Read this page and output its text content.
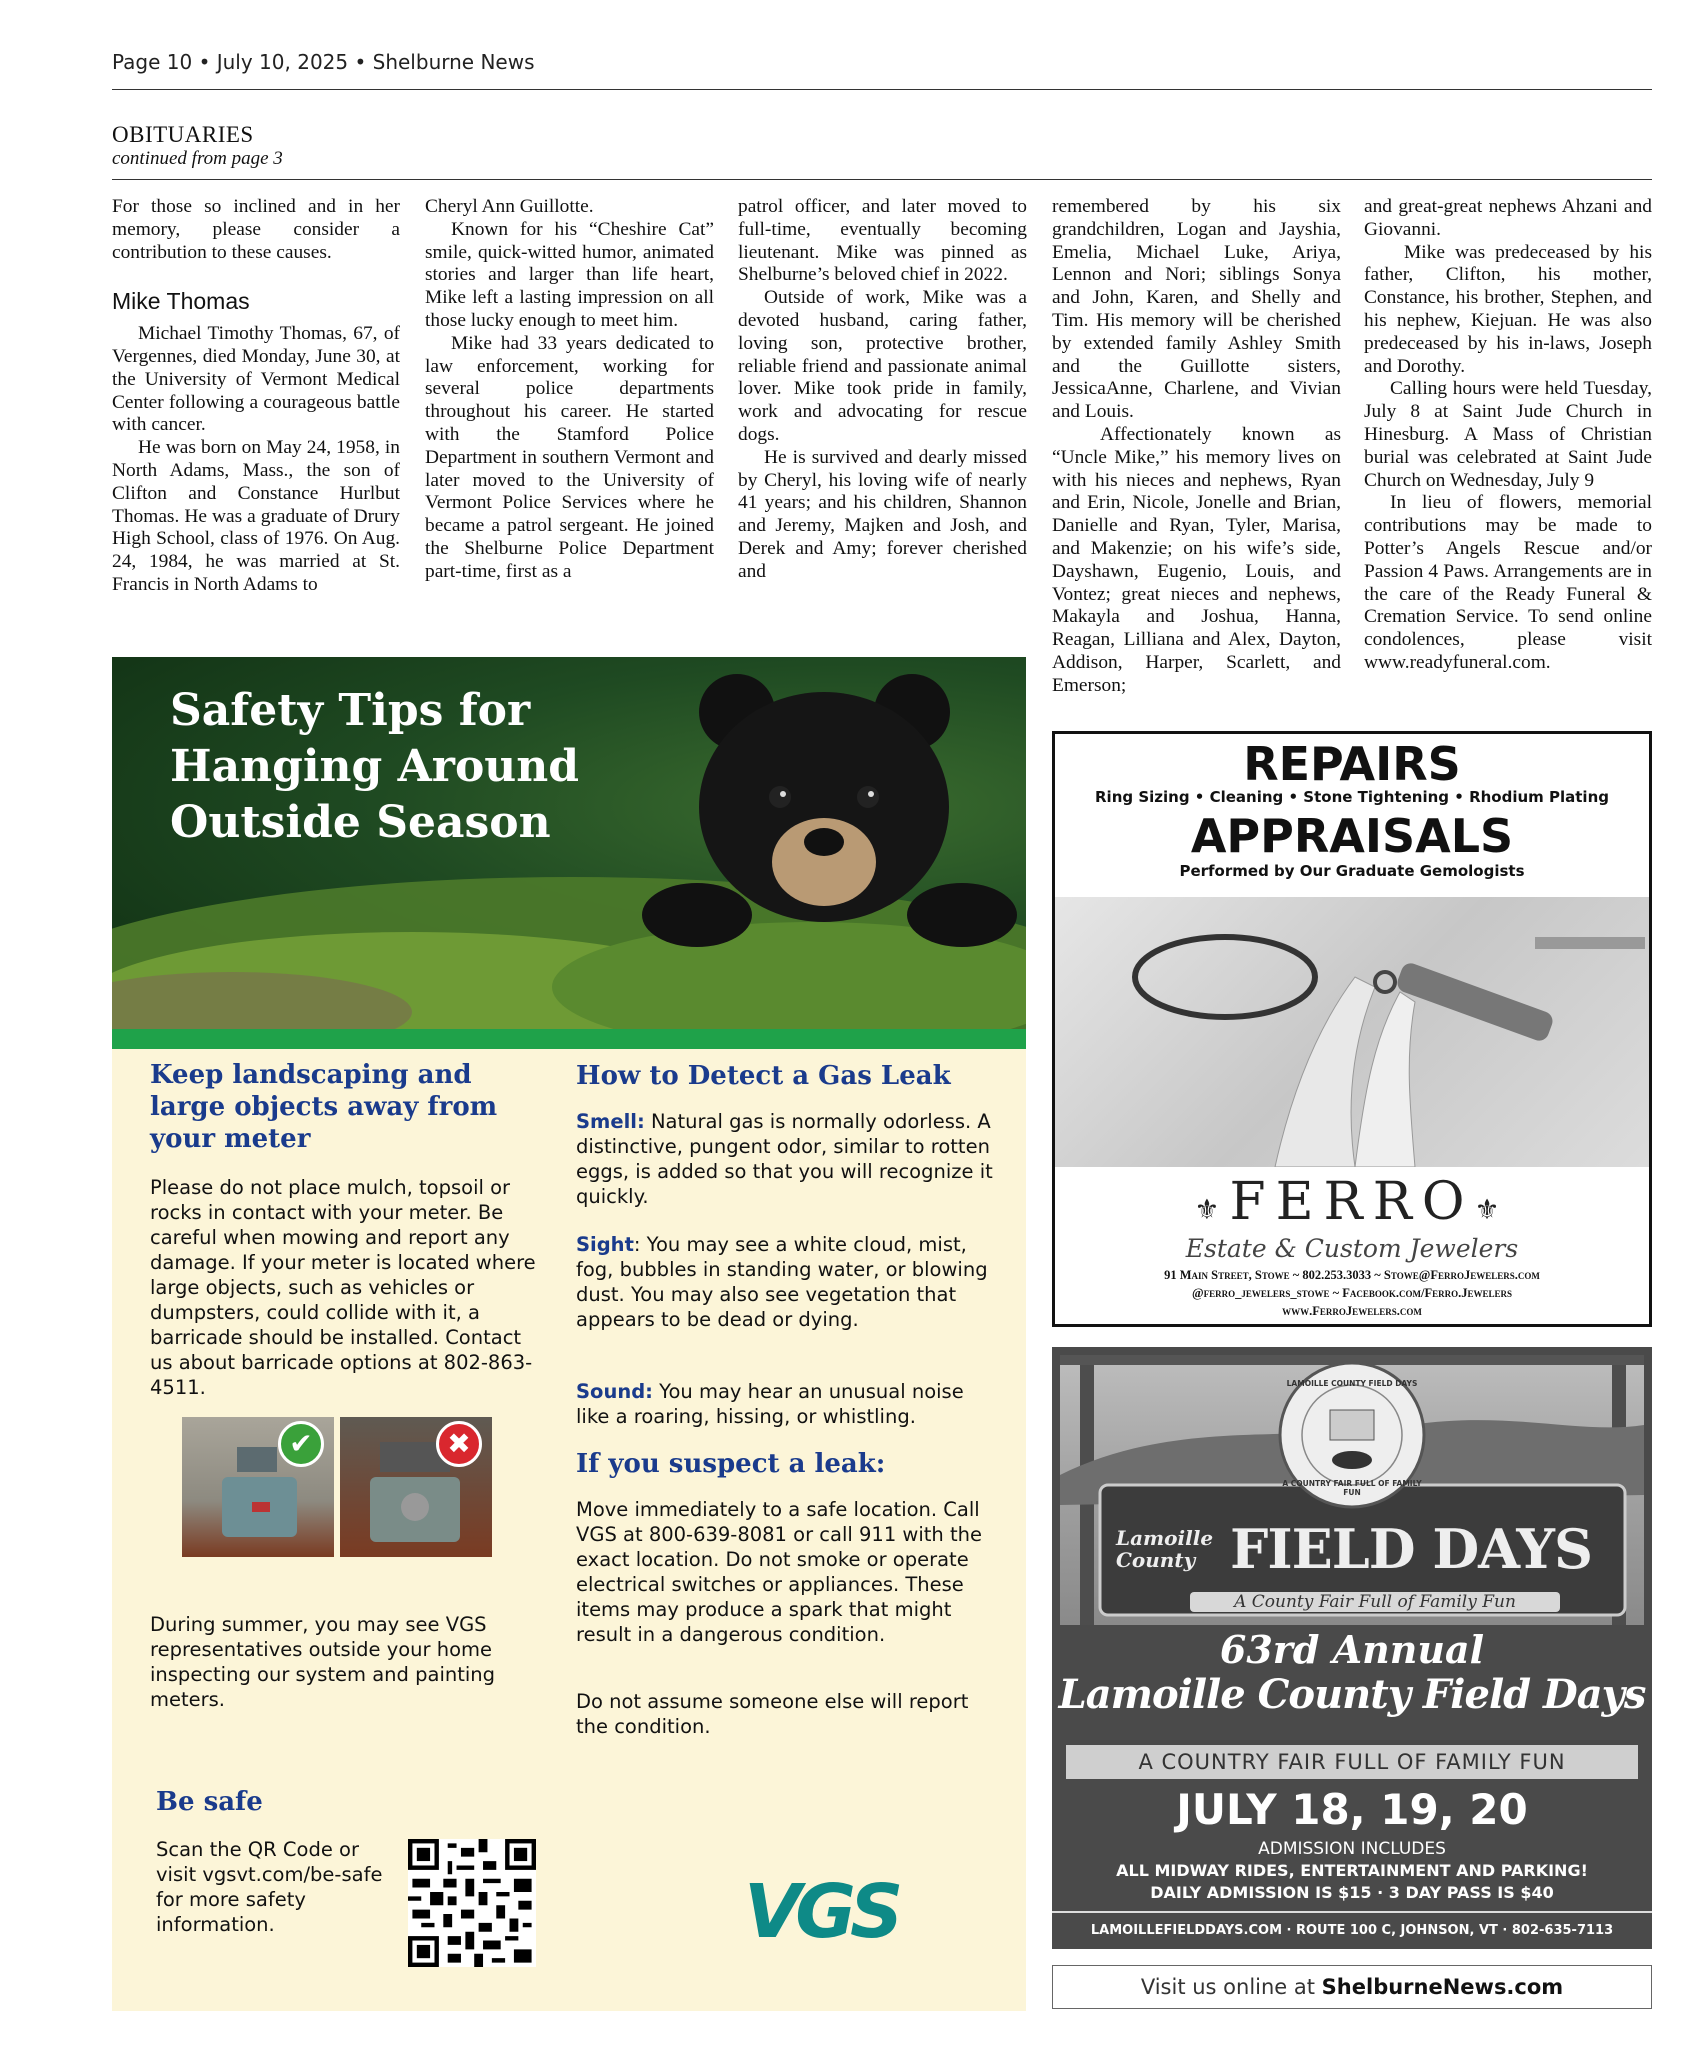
Page 10 • July 10, 2025 • Shelburne News
OBITUARIES
continued from page 3

For those so inclined and in her memory, please consider a contribution to these causes.

Mike Thomas

Michael Timothy Thomas, 67, of Vergennes, died Monday, June 30, at the University of Vermont Medical Center following a courageous battle with cancer.

He was born on May 24, 1958, in North Adams, Mass., the son of Clifton and Constance Hurlbut Thomas. He was a graduate of Drury High School, class of 1976. On Aug. 24, 1984, he was married at St. Francis in North Adams to

Cheryl Ann Guillotte.

Known for his “Cheshire Cat” smile, quick-witted humor, animated stories and larger than life heart, Mike left a lasting impression on all those lucky enough to meet him.

Mike had 33 years dedicated to law enforcement, working for several police departments throughout his career. He started with the Stamford Police Department in southern Vermont and later moved to the University of Vermont Police Services where he became a patrol sergeant. He joined the Shelburne Police Department part-time, first as a

patrol officer, and later moved to full-time, eventually becoming lieutenant. Mike was pinned as Shelburne’s beloved chief in 2022.

Outside of work, Mike was a devoted husband, caring father, loving son, protective brother, reliable friend and passionate animal lover. Mike took pride in family, work and advocating for rescue dogs.

He is survived and dearly missed by Cheryl, his loving wife of nearly 41 years; and his children, Shannon and Jeremy, Majken and Josh, and Derek and Amy; forever cherished and

remembered by his six grandchildren, Logan and Jayshia, Emelia, Michael Luke, Ariya, Lennon and Nori; siblings Sonya and John, Karen, and Shelly and Tim. His memory will be cherished by extended family Ashley Smith and the Guillotte sisters, JessicaAnne, Charlene, and Vivian and Louis.

Affectionately known as “Uncle Mike,” his memory lives on with his nieces and nephews, Ryan and Erin, Nicole, Jonelle and Brian, Danielle and Ryan, Tyler, Marisa, and Makenzie; on his wife’s side, Dayshawn, Eugenio, Louis, and Vontez; great nieces and nephews, Makayla and Joshua, Hanna, Reagan, Lilliana and Alex, Dayton, Addison, Harper, Scarlett, and Emerson;

and great-great nephews Ahzani and Giovanni.

Mike was predeceased by his father, Clifton, his mother, Constance, his brother, Stephen, and his nephew, Kiejuan. He was also predeceased by his in-laws, Joseph and Dorothy.

Calling hours were held Tuesday, July 8 at Saint Jude Church in Hinesburg. A Mass of Christian burial was celebrated at Saint Jude Church on Wednesday, July 9

In lieu of flowers, memorial contributions may be made to Potter’s Angels Rescue and/or Passion 4 Paws. Arrangements are in the care of the Ready Funeral & Cremation Service. To send online condolences, please visit www.readyfuneral.com.

Safety Tips for Hanging Around Outside Season
Keep landscaping and large objects away from your meter
Please do not place mulch, topsoil or rocks in contact with your meter. Be careful when mowing and report any damage. If your meter is located where large objects, such as vehicles or dumpsters, could collide with it, a barricade should be installed. Contact us about barricade options at 802-863-4511.
✔	✖
During summer, you may see VGS representatives outside your home inspecting our system and painting meters.
Be safe
Scan the QR Code or visit vgsvt.com/be-safe for more safety information.
How to Detect a Gas Leak
Smell: Natural gas is normally odorless. A distinctive, pungent odor, similar to rotten eggs, is added so that you will recognize it quickly.
Sight: You may see a white cloud, mist, fog, bubbles in standing water, or blowing dust. You may also see vegetation that appears to be dead or dying.
Sound: You may hear an unusual noise like a roaring, hissing, or whistling.
If you suspect a leak:
Move immediately to a safe location. Call VGS at 800-639-8081 or call 911 with the exact location. Do not smoke or operate electrical switches or appliances. These items may produce a spark that might result in a dangerous condition.
Do not assume someone else will report the condition.
VGS
REPAIRS
Ring Sizing • Cleaning • Stone Tightening • Rhodium Plating
APPRAISALS
Performed by Our Graduate Gemologists
⚜FERRO⚜
Estate & Custom Jewelers
91 Main Street, Stowe ~ 802.253.3033 ~ Stowe@FerroJewelers.com
@ferro_jewelers_stowe ~ Facebook.com/Ferro.Jewelers
www.FerroJewelers.com
LAMOILLE COUNTY FIELD DAYS
A COUNTRY FAIR FULL OF FAMILY FUN
Lamoille County FIELD DAYS
A County Fair Full of Family Fun
63rd Annual
Lamoille County Field Days
A COUNTRY FAIR FULL OF FAMILY FUN
JULY 18, 19, 20
ADMISSION INCLUDES
ALL MIDWAY RIDES, ENTERTAINMENT AND PARKING!
DAILY ADMISSION IS $15 · 3 DAY PASS IS $40
LAMOILLEFIELDDAYS.COM · ROUTE 100 C, JOHNSON, VT · 802-635-7113
Visit us online at ShelburneNews.com
